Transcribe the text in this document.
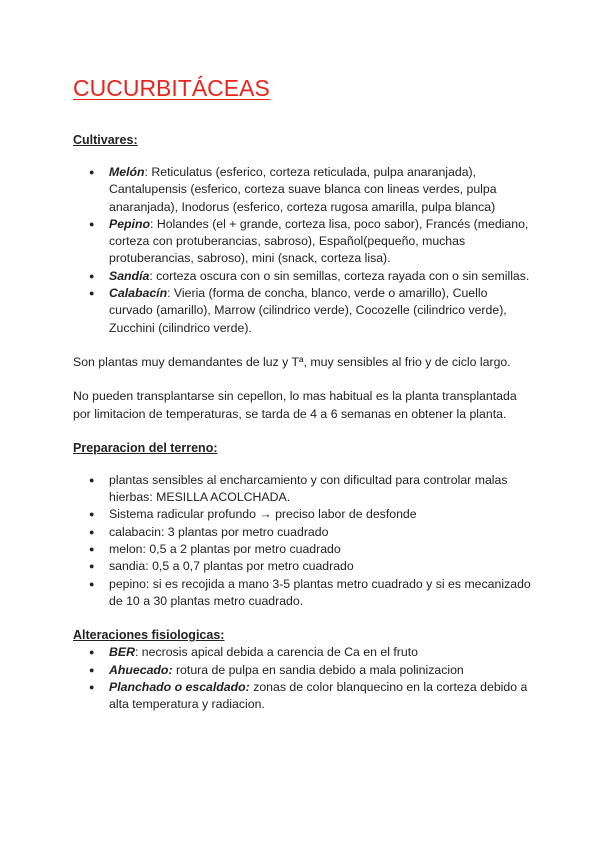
CUCURBITÁCEAS

Cultivares:

● Melón: Reticulatus (esferico, corteza reticulada, pulpa anaranjada), Cantalupensis (esferico, corteza suave blanca con lineas verdes, pulpa anaranjada), Inodorus (esferico, corteza rugosa amarilla, pulpa blanca)
● Pepino: Holandes (el + grande, corteza lisa, poco sabor), Francés (mediano, corteza con protuberancias, sabroso), Español(pequeño, muchas protuberancias, sabroso), mini (snack, corteza lisa).
● Sandía: corteza oscura con o sin semillas, corteza rayada con o sin semillas.
● Calabacín: Vieria (forma de concha, blanco, verde o amarillo), Cuello curvado (amarillo), Marrow (cilindrico verde), Cocozelle (cilindrico verde), Zucchini (cilindrico verde).

Son plantas muy demandantes de luz y Tª, muy sensibles al frio y de ciclo largo.

No pueden transplantarse sin cepellon, lo mas habitual es la planta transplantada por limitacion de temperaturas, se tarda de 4 a 6 semanas en obtener la planta.

Preparacion del terreno:

● plantas sensibles al encharcamiento y con dificultad para controlar malas hierbas: MESILLA ACOLCHADA.
● Sistema radicular profundo → preciso labor de desfonde
● calabacin: 3 plantas por metro cuadrado
● melon: 0,5 a 2 plantas por metro cuadrado
● sandia: 0,5 a 0,7 plantas por metro cuadrado
● pepino: si es recojida a mano 3-5 plantas metro cuadrado y si es mecanizado de 10 a 30 plantas metro cuadrado.

Alteraciones fisiologicas:

● BER: necrosis apical debida a carencia de Ca en el fruto
● Ahuecado: rotura de pulpa en sandia debido a mala polinizacion
● Planchado o escaldado: zonas de color blanquecino en la corteza debido a alta temperatura y radiacion.
